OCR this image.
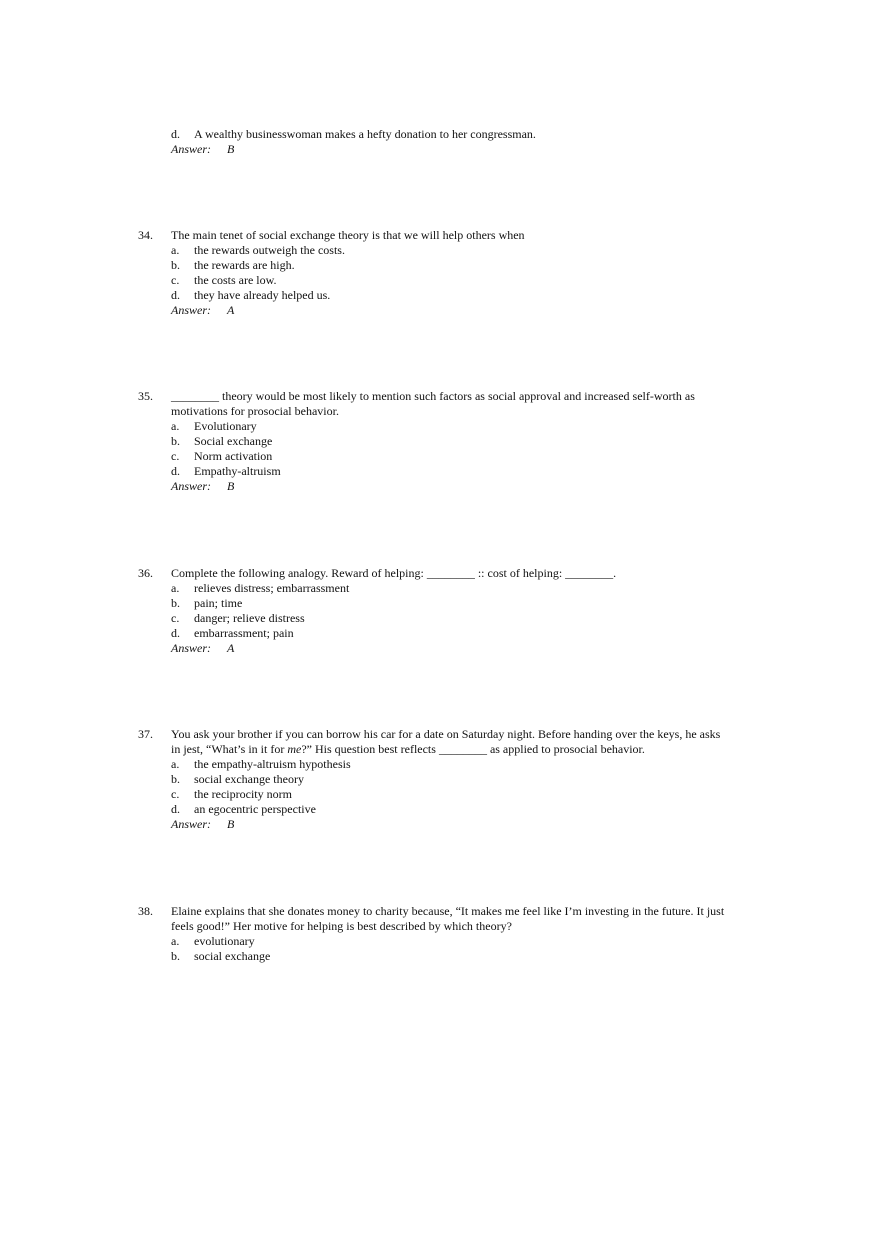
d. A wealthy businesswoman makes a hefty donation to her congressman.
Answer: B
34. The main tenet of social exchange theory is that we will help others when
a. the rewards outweigh the costs.
b. the rewards are high.
c. the costs are low.
d. they have already helped us.
Answer: A
35. ________ theory would be most likely to mention such factors as social approval and increased self-worth as motivations for prosocial behavior.
a. Evolutionary
b. Social exchange
c. Norm activation
d. Empathy-altruism
Answer: B
36. Complete the following analogy. Reward of helping: ________ :: cost of helping: ________.
a. relieves distress; embarrassment
b. pain; time
c. danger; relieve distress
d. embarrassment; pain
Answer: A
37. You ask your brother if you can borrow his car for a date on Saturday night. Before handing over the keys, he asks in jest, “What’s in it for me?” His question best reflects ________ as applied to prosocial behavior.
a. the empathy-altruism hypothesis
b. social exchange theory
c. the reciprocity norm
d. an egocentric perspective
Answer: B
38. Elaine explains that she donates money to charity because, “It makes me feel like I’m investing in the future. It just feels good!” Her motive for helping is best described by which theory?
a. evolutionary
b. social exchange
